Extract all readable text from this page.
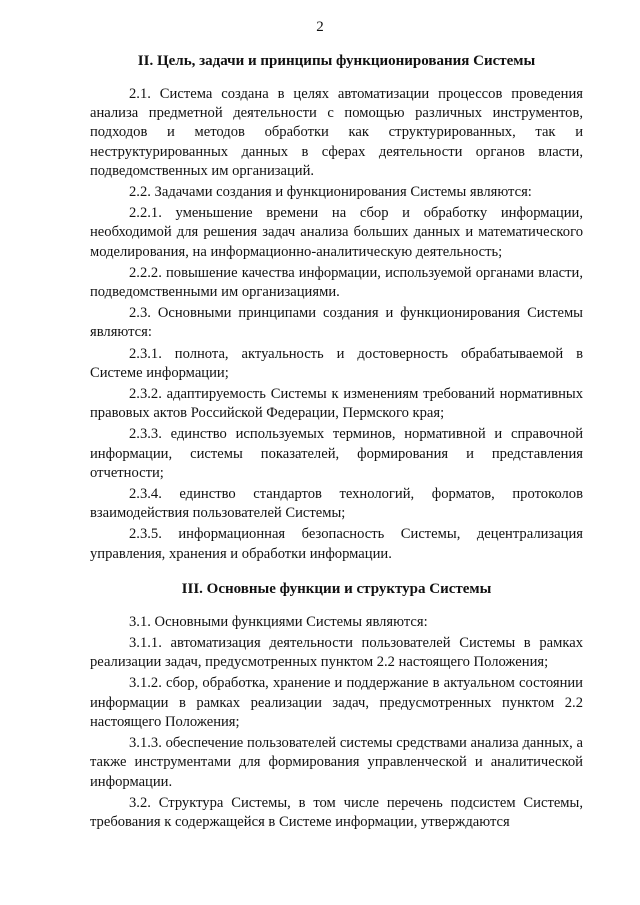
2
II. Цель, задачи и принципы функционирования Системы

2.1. Система создана в целях автоматизации процессов проведения анализа предметной деятельности с помощью различных инструментов, подходов и методов обработки как структурированных, так и неструктурированных данных в сферах деятельности органов власти, подведомственных им организаций.

2.2. Задачами создания и функционирования Системы являются:

2.2.1. уменьшение времени на сбор и обработку информации, необходимой для решения задач анализа больших данных и математического моделирования, на информационно-аналитическую деятельность;

2.2.2. повышение качества информации, используемой органами власти, подведомственными им организациями.

2.3. Основными принципами создания и функционирования Системы являются:

2.3.1. полнота, актуальность и достоверность обрабатываемой в Системе информации;

2.3.2. адаптируемость Системы к изменениям требований нормативных правовых актов Российской Федерации, Пермского края;

2.3.3. единство используемых терминов, нормативной и справочной информации, системы показателей, формирования и представления отчетности;

2.3.4. единство стандартов технологий, форматов, протоколов взаимодействия пользователей Системы;

2.3.5. информационная безопасность Системы, децентрализация управления, хранения и обработки информации.

III. Основные функции и структура Системы

3.1. Основными функциями Системы являются:

3.1.1. автоматизация деятельности пользователей Системы в рамках реализации задач, предусмотренных пунктом 2.2 настоящего Положения;

3.1.2. сбор, обработка, хранение и поддержание в актуальном состоянии информации в рамках реализации задач, предусмотренных пунктом 2.2 настоящего Положения;

3.1.3. обеспечение пользователей системы средствами анализа данных, а также инструментами для формирования управленческой и аналитической информации.

3.2. Структура Системы, в том числе перечень подсистем Системы, требования к содержащейся в Системе информации, утверждаются
